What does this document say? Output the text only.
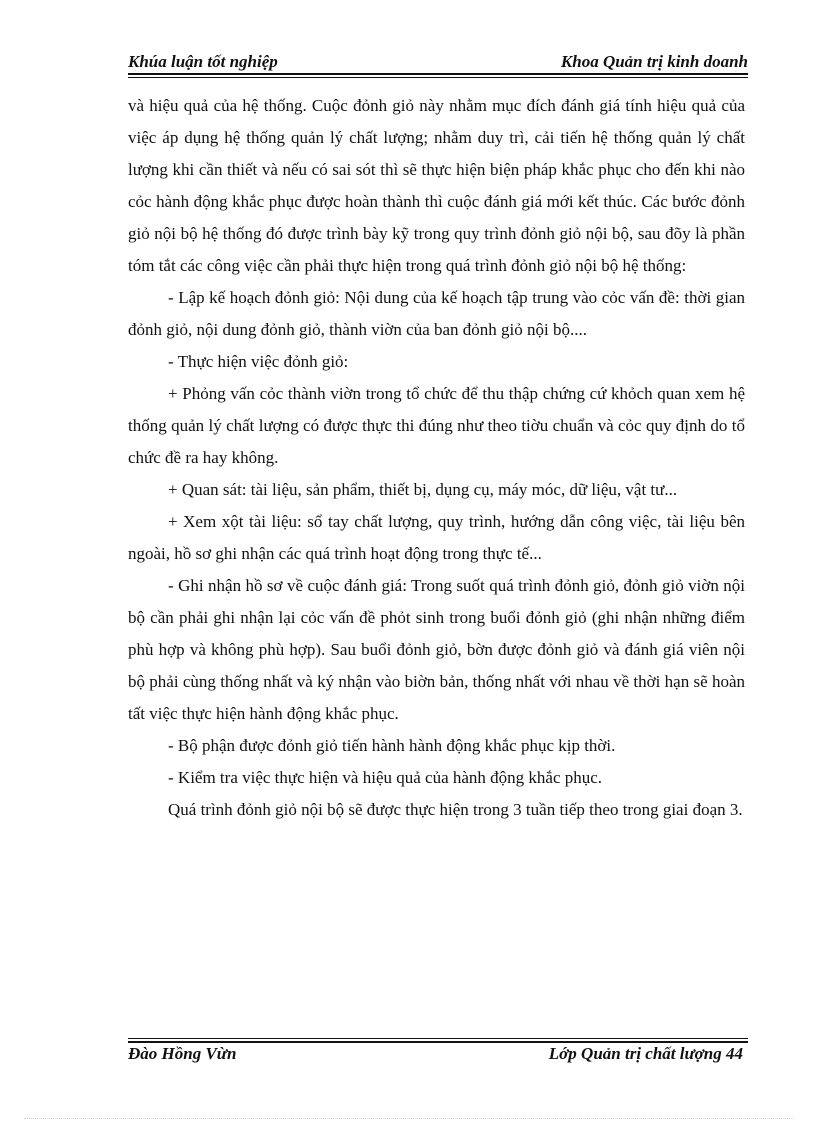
Khúa luận tốt nghiệp	Khoa Quản trị kinh doanh

và hiệu quả của hệ thống. Cuộc đỏnh giỏ này nhằm mục đích đánh giá tính hiệu quả của việc áp dụng hệ thống quản lý chất lượng; nhằm duy trì, cải tiến hệ thống quản lý chất lượng khi cần thiết và nếu có sai sót thì sẽ thực hiện biện pháp khắc phục cho đến khi nào cỏc hành động khắc phục được hoàn thành thì cuộc đánh giá mới kết thúc. Các bước đỏnh giỏ nội bộ hệ thống đó được trình bày kỹ trong quy trình đỏnh giỏ nội bộ, sau đõy là phần tóm tắt các công việc cần phải thực hiện trong quá trình đỏnh giỏ nội bộ hệ thống:

- Lập kế hoạch đỏnh giỏ: Nội dung của kế hoạch tập trung vào cỏc vấn đề: thời gian đỏnh giỏ, nội dung đỏnh giỏ, thành viờn của ban đỏnh giỏ nội bộ....

- Thực hiện việc đỏnh giỏ:

+ Phỏng vấn cỏc thành viờn trong tổ chức để thu thập chứng cứ khỏch quan xem hệ thống quản lý chất lượng có được thực thi đúng như theo tiờu chuẩn và cỏc quy định do tổ chức đề ra hay không.

+ Quan sát: tài liệu, sản phẩm, thiết bị, dụng cụ, máy móc, dữ liệu, vật tư...

+ Xem xột tài liệu: sổ tay chất lượng, quy trình, hướng dẫn công việc, tài liệu bên ngoài, hồ sơ ghi nhận các quá trình hoạt động trong thực tế...

- Ghi nhận hồ sơ về cuộc đánh giá: Trong suốt quá trình đỏnh giỏ, đỏnh giỏ viờn nội bộ cần phải ghi nhận lại cỏc vấn đề phỏt sinh trong buổi đỏnh giỏ (ghi nhận những điểm phù hợp và không phù hợp). Sau buổi đỏnh giỏ, bờn được đỏnh giỏ và đánh giá viên nội bộ phải cùng thống nhất và ký nhận vào biờn bản, thống nhất với nhau về thời hạn sẽ hoàn tất việc thực hiện hành động khắc phục.

- Bộ phận được đỏnh giỏ tiến hành hành động khắc phục kịp thời.

- Kiểm tra việc thực hiện và hiệu quả của hành động khắc phục.

Quá trình đỏnh giỏ nội bộ sẽ được thực hiện trong 3 tuần tiếp theo trong giai đoạn 3.

Đào Hồng Vừn	Lớp Quản trị chất lượng 44
